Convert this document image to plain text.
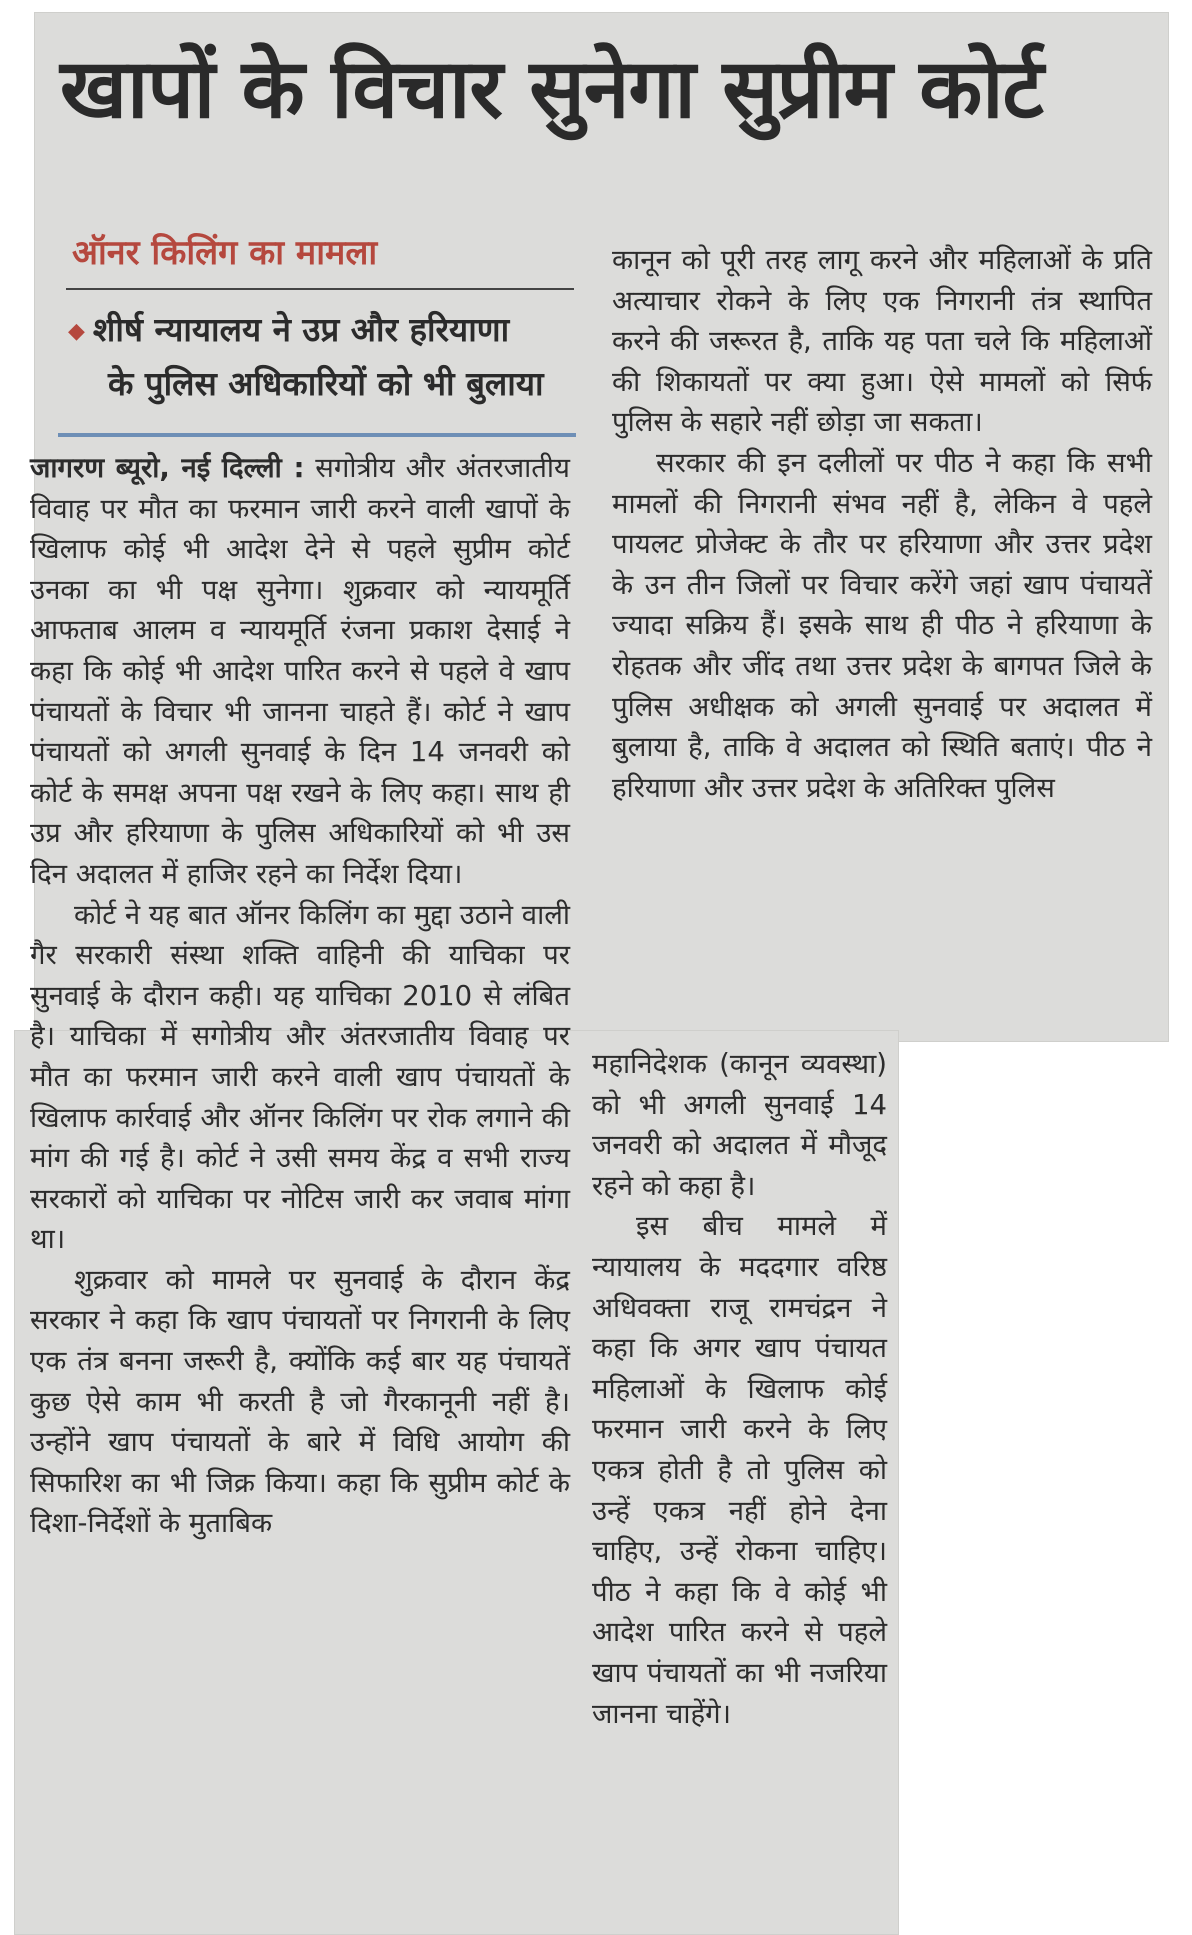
खापों के विचार सुनेगा सुप्रीम कोर्ट
ऑनर किलिंग का मामला
◆ शीर्ष न्यायालय ने उप्र और हरियाणा
के पुलिस अधिकारियों को भी बुलाया

जागरण ब्यूरो, नई दिल्ली : सगोत्रीय और अंतरजातीय विवाह पर मौत का फरमान जारी करने वाली खापों के खिलाफ कोई भी आदेश देने से पहले सुप्रीम कोर्ट उनका का भी पक्ष सुनेगा। शुक्रवार को न्यायमूर्ति आफताब आलम व न्यायमूर्ति रंजना प्रकाश देसाई ने कहा कि कोई भी आदेश पारित करने से पहले वे खाप पंचायतों के विचार भी जानना चाहते हैं। कोर्ट ने खाप पंचायतों को अगली सुनवाई के दिन 14 जनवरी को कोर्ट के समक्ष अपना पक्ष रखने के लिए कहा। साथ ही उप्र और हरियाणा के पुलिस अधिकारियों को भी उस दिन अदालत में हाजिर रहने का निर्देश दिया।

कोर्ट ने यह बात ऑनर किलिंग का मुद्दा उठाने वाली गैर सरकारी संस्था शक्ति वाहिनी की याचिका पर सुनवाई के दौरान कही। यह याचिका 2010 से लंबित है। याचिका में सगोत्रीय और अंतरजातीय विवाह पर मौत का फरमान जारी करने वाली खाप पंचायतों के खिलाफ कार्रवाई और ऑनर किलिंग पर रोक लगाने की मांग की गई है। कोर्ट ने उसी समय केंद्र व सभी राज्य सरकारों को याचिका पर नोटिस जारी कर जवाब मांगा था।

शुक्रवार को मामले पर सुनवाई के दौरान केंद्र सरकार ने कहा कि खाप पंचायतों पर निगरानी के लिए एक तंत्र बनना जरूरी है, क्योंकि कई बार यह पंचायतें कुछ ऐसे काम भी करती है जो गैरकानूनी नहीं है। उन्होंने खाप पंचायतों के बारे में विधि आयोग की सिफारिश का भी जिक्र किया। कहा कि सुप्रीम कोर्ट के दिशा-निर्देशों के मुताबिक

कानून को पूरी तरह लागू करने और महिलाओं के प्रति अत्याचार रोकने के लिए एक निगरानी तंत्र स्थापित करने की जरूरत है, ताकि यह पता चले कि महिलाओं की शिकायतों पर क्या हुआ। ऐसे मामलों को सिर्फ पुलिस के सहारे नहीं छोड़ा जा सकता।

सरकार की इन दलीलों पर पीठ ने कहा कि सभी मामलों की निगरानी संभव नहीं है, लेकिन वे पहले पायलट प्रोजेक्ट के तौर पर हरियाणा और उत्तर प्रदेश के उन तीन जिलों पर विचार करेंगे जहां खाप पंचायतें ज्यादा सक्रिय हैं। इसके साथ ही पीठ ने हरियाणा के रोहतक और जींद तथा उत्तर प्रदेश के बागपत जिले के पुलिस अधीक्षक को अगली सुनवाई पर अदालत में बुलाया है, ताकि वे अदालत को स्थिति बताएं। पीठ ने हरियाणा और उत्तर प्रदेश के अतिरिक्त पुलिस

महानिदेशक (कानून व्यवस्था) को भी अगली सुनवाई 14 जनवरी को अदालत में मौजूद रहने को कहा है।

इस बीच मामले में न्यायालय के मददगार वरिष्ठ अधिवक्ता राजू रामचंद्रन ने कहा कि अगर खाप पंचायत महिलाओं के खिलाफ कोई फरमान जारी करने के लिए एकत्र होती है तो पुलिस को उन्हें एकत्र नहीं होने देना चाहिए, उन्हें रोकना चाहिए। पीठ ने कहा कि वे कोई भी आदेश पारित करने से पहले खाप पंचायतों का भी नजरिया जानना चाहेंगे।
